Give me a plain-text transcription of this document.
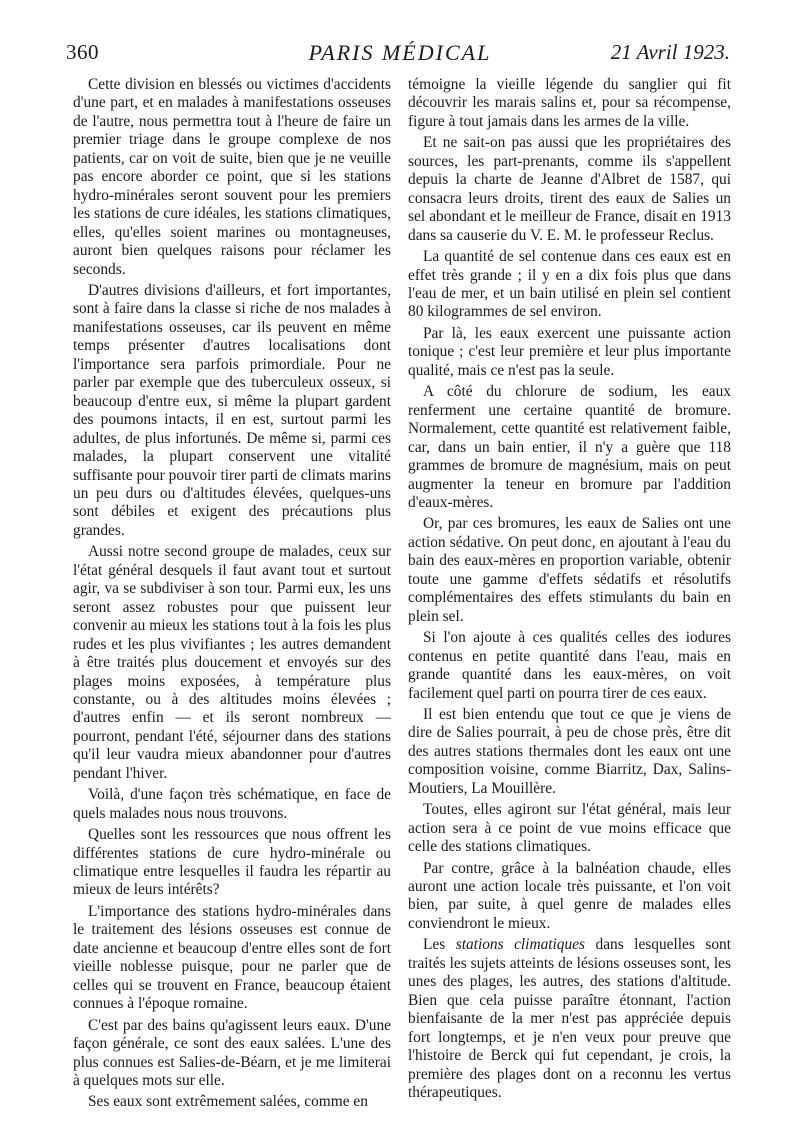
360	PARIS MÉDICAL	21 Avril 1923.

Cette division en blessés ou victimes d'accidents d'une part, et en malades à manifestations osseuses de l'autre, nous permettra tout à l'heure de faire un premier triage dans le groupe complexe de nos patients, car on voit de suite, bien que je ne veuille pas encore aborder ce point, que si les stations hydro-minérales seront souvent pour les premiers les stations de cure idéales, les stations climatiques, elles, qu'elles soient marines ou montagneuses, auront bien quelques raisons pour réclamer les seconds.

D'autres divisions d'ailleurs, et fort importantes, sont à faire dans la classe si riche de nos malades à manifestations osseuses, car ils peuvent en même temps présenter d'autres localisations dont l'importance sera parfois primordiale. Pour ne parler par exemple que des tuberculeux osseux, si beaucoup d'entre eux, si même la plupart gardent des poumons intacts, il en est, surtout parmi les adultes, de plus infortunés. De même si, parmi ces malades, la plupart conservent une vitalité suffisante pour pouvoir tirer parti de climats marins un peu durs ou d'altitudes élevées, quelques-uns sont débiles et exigent des précautions plus grandes.

Aussi notre second groupe de malades, ceux sur l'état général desquels il faut avant tout et surtout agir, va se subdiviser à son tour. Parmi eux, les uns seront assez robustes pour que puissent leur convenir au mieux les stations tout à la fois les plus rudes et les plus vivifiantes ; les autres demandent à être traités plus doucement et envoyés sur des plages moins exposées, à température plus constante, ou à des altitudes moins élevées ; d'autres enfin — et ils seront nombreux — pourront, pendant l'été, séjourner dans des stations qu'il leur vaudra mieux abandonner pour d'autres pendant l'hiver.

Voilà, d'une façon très schématique, en face de quels malades nous nous trouvons.

Quelles sont les ressources que nous offrent les différentes stations de cure hydro-minérale ou climatique entre lesquelles il faudra les répartir au mieux de leurs intérêts?

L'importance des stations hydro-minérales dans le traitement des lésions osseuses est connue de date ancienne et beaucoup d'entre elles sont de fort vieille noblesse puisque, pour ne parler que de celles qui se trouvent en France, beaucoup étaient connues à l'époque romaine.

C'est par des bains qu'agissent leurs eaux. D'une façon générale, ce sont des eaux salées. L'une des plus connues est Salies-de-Béarn, et je me limiterai à quelques mots sur elle.

Ses eaux sont extrêmement salées, comme en

témoigne la vieille légende du sanglier qui fit découvrir les marais salins et, pour sa récompense, figure à tout jamais dans les armes de la ville.

Et ne sait-on pas aussi que les propriétaires des sources, les part-prenants, comme ils s'appellent depuis la charte de Jeanne d'Albret de 1587, qui consacra leurs droits, tirent des eaux de Salies un sel abondant et le meilleur de France, disait en 1913 dans sa causerie du V. E. M. le professeur Reclus.

La quantité de sel contenue dans ces eaux est en effet très grande ; il y en a dix fois plus que dans l'eau de mer, et un bain utilisé en plein sel contient 80 kilogrammes de sel environ.

Par là, les eaux exercent une puissante action tonique ; c'est leur première et leur plus importante qualité, mais ce n'est pas la seule.

A côté du chlorure de sodium, les eaux renferment une certaine quantité de bromure. Normalement, cette quantité est relativement faible, car, dans un bain entier, il n'y a guère que 118 grammes de bromure de magnésium, mais on peut augmenter la teneur en bromure par l'addition d'eaux-mères.

Or, par ces bromures, les eaux de Salies ont une action sédative. On peut donc, en ajoutant à l'eau du bain des eaux-mères en proportion variable, obtenir toute une gamme d'effets sédatifs et résolutifs complémentaires des effets stimulants du bain en plein sel.

Si l'on ajoute à ces qualités celles des iodures contenus en petite quantité dans l'eau, mais en grande quantité dans les eaux-mères, on voit facilement quel parti on pourra tirer de ces eaux.

Il est bien entendu que tout ce que je viens de dire de Salies pourrait, à peu de chose près, être dit des autres stations thermales dont les eaux ont une composition voisine, comme Biarritz, Dax, Salins-Moutiers, La Mouillère.

Toutes, elles agiront sur l'état général, mais leur action sera à ce point de vue moins efficace que celle des stations climatiques.

Par contre, grâce à la balnéation chaude, elles auront une action locale très puissante, et l'on voit bien, par suite, à quel genre de malades elles conviendront le mieux.

Les stations climatiques dans lesquelles sont traités les sujets atteints de lésions osseuses sont, les unes des plages, les autres, des stations d'altitude. Bien que cela puisse paraître étonnant, l'action bienfaisante de la mer n'est pas appréciée depuis fort longtemps, et je n'en veux pour preuve que l'histoire de Berck qui fut cependant, je crois, la première des plages dont on a reconnu les vertus thérapeutiques.
